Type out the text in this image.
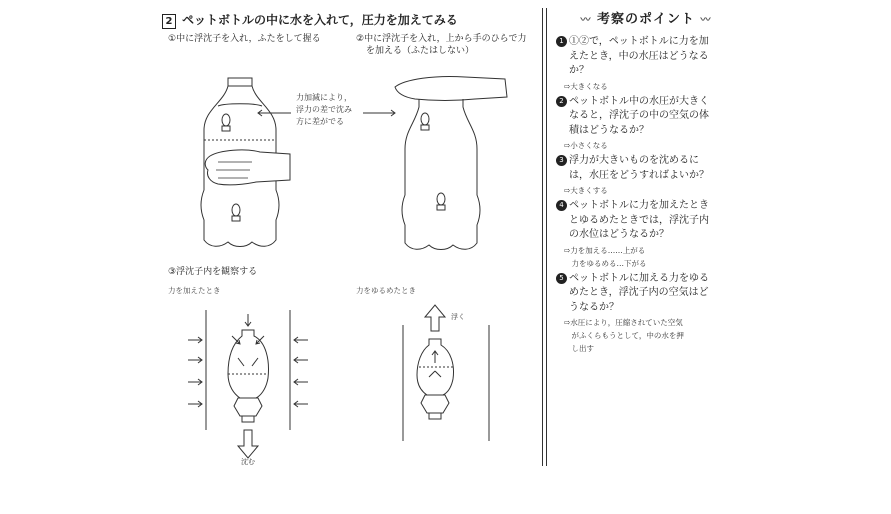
2 ペットボトルの中に水を入れて，圧力を加えてみる
①中に浮沈子を入れ，ふたをして握る	②中に浮沈子を入れ，上から手のひらで力
を加える（ふたはしない）
力加減により，
浮力の差で沈み
方に差がでる
③浮沈子内を観察する
力を加えたとき	力をゆるめたとき
沈む
浮く
〰 考察のポイント 〰

1 ①②で，ペットボトルに力を加
えたとき，中の水圧はどうなる
か？

⇨大きくなる

2 ペットボトル中の水圧が大きく
なると，浮沈子の中の空気の体
積はどうなるか？

⇨小さくなる

3 浮力が大きいものを沈めるに
は，水圧をどうすればよいか？

⇨大きくする

4 ペットボトルに力を加えたとき
とゆるめたときでは，浮沈子内
の水位はどうなるか？

⇨力を加える……上がる
　力をゆるめる…下がる

5 ペットボトルに加える力をゆる
めたとき，浮沈子内の空気はど
うなるか？

⇨水圧により，圧縮されていた空気
　がふくらもうとして，中の水を押
　し出す
